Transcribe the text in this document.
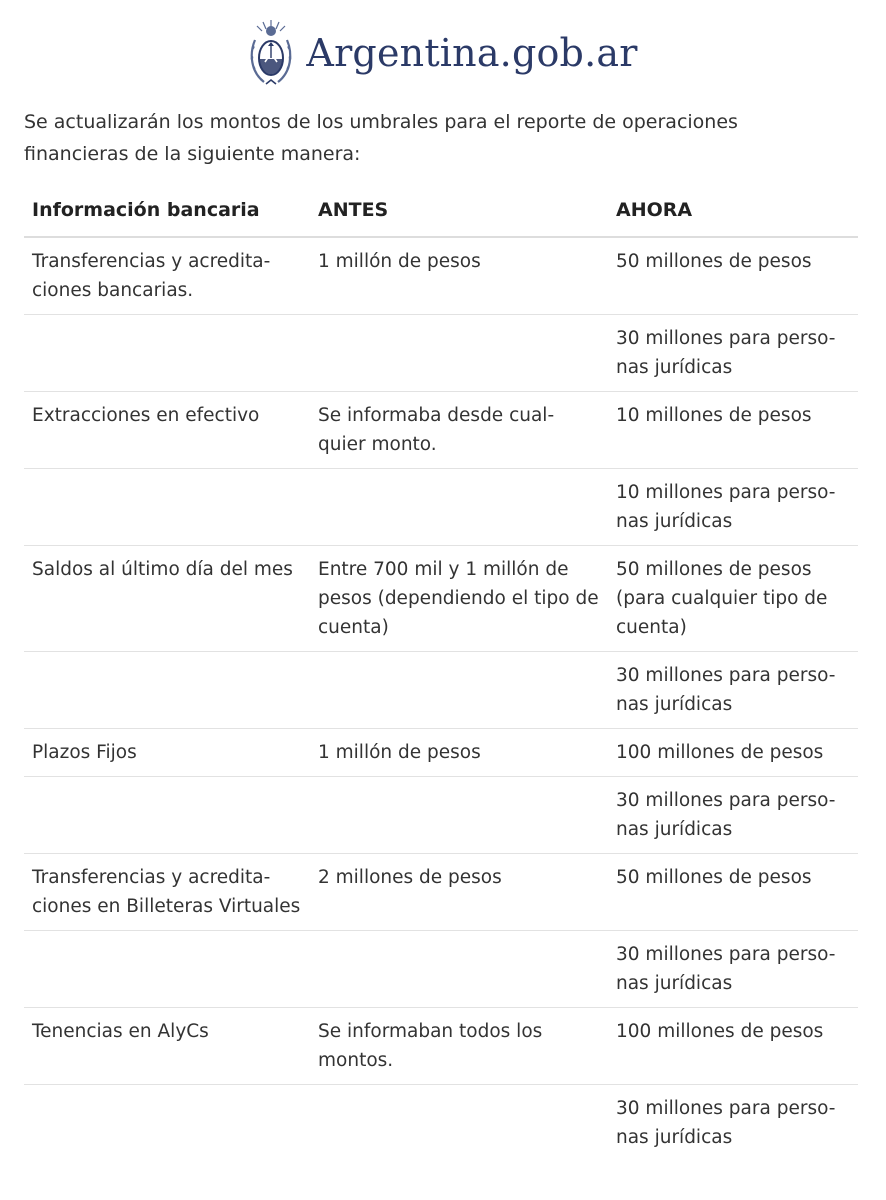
Argentina.gob.ar

Se actualizarán los montos de los umbrales para el reporte de operaciones financieras de la siguiente manera:

Información bancaria	ANTES	AHORA
Transferencias y acredita-ciones bancarias.	1 millón de pesos	50 millones de pesos
		30 millones para perso-nas jurídicas
Extracciones en efectivo	Se informaba desde cual-quier monto.	10 millones de pesos
		10 millones para perso-nas jurídicas
Saldos al último día del mes	Entre 700 mil y 1 millón de pesos (dependiendo el tipo de cuenta)	50 millones de pesos (para cualquier tipo de cuenta)
		30 millones para perso-nas jurídicas
Plazos Fijos	1 millón de pesos	100 millones de pesos
		30 millones para perso-nas jurídicas
Transferencias y acredita-ciones en Billeteras Virtuales	2 millones de pesos	50 millones de pesos
		30 millones para perso-nas jurídicas
Tenencias en AlyCs	Se informaban todos los montos.	100 millones de pesos
		30 millones para perso-nas jurídicas
